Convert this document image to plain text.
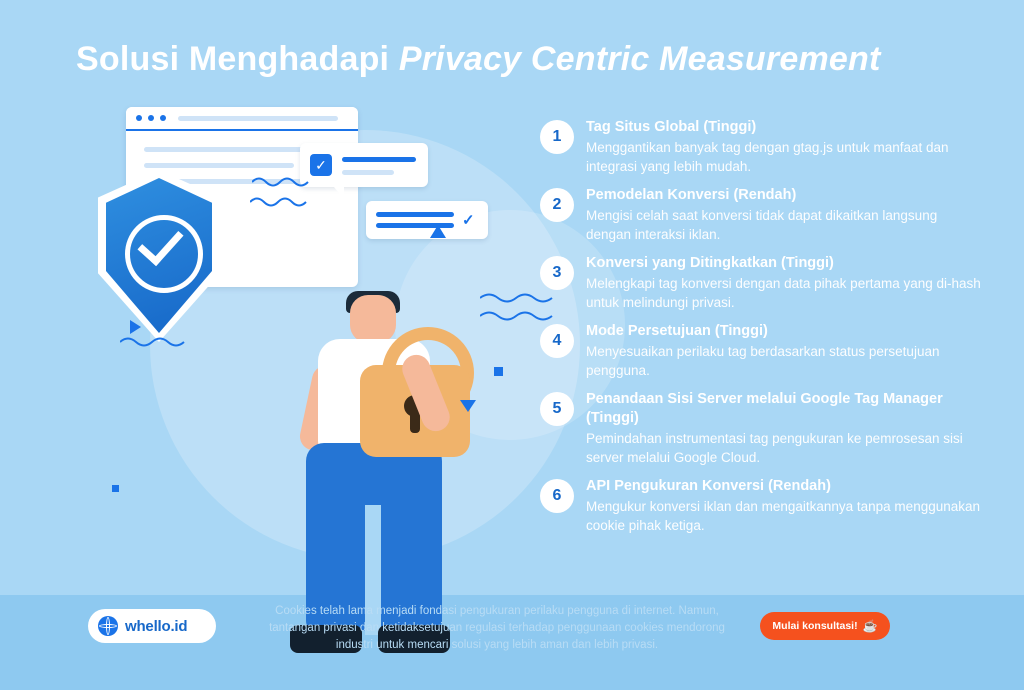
Solusi Menghadapi Privacy Centric Measurement
✓
✓
1
Tag Situs Global (Tinggi)
Menggantikan banyak tag dengan gtag.js untuk manfaat dan integrasi yang lebih mudah.
2
Pemodelan Konversi (Rendah)
Mengisi celah saat konversi tidak dapat dikaitkan langsung dengan interaksi iklan.
3
Konversi yang Ditingkatkan (Tinggi)
Melengkapi tag konversi dengan data pihak pertama yang di-hash untuk melindungi privasi.
4
Mode Persetujuan (Tinggi)
Menyesuaikan perilaku tag berdasarkan status persetujuan pengguna.
5
Penandaan Sisi Server melalui Google Tag Manager (Tinggi)
Pemindahan instrumentasi tag pengukuran ke pemrosesan sisi server melalui Google Cloud.
6
API Pengukuran Konversi (Rendah)
Mengukur konversi iklan dan mengaitkannya tanpa menggunakan cookie pihak ketiga.
whello.id
Cookies telah lama menjadi fondasi pengukuran perilaku pengguna di internet. Namun, tantangan privasi dan ketidaksetujuan regulasi terhadap penggunaan cookies mendorong industri untuk mencari solusi yang lebih aman dan lebih privasi.
Mulai konsultasi! ☕
